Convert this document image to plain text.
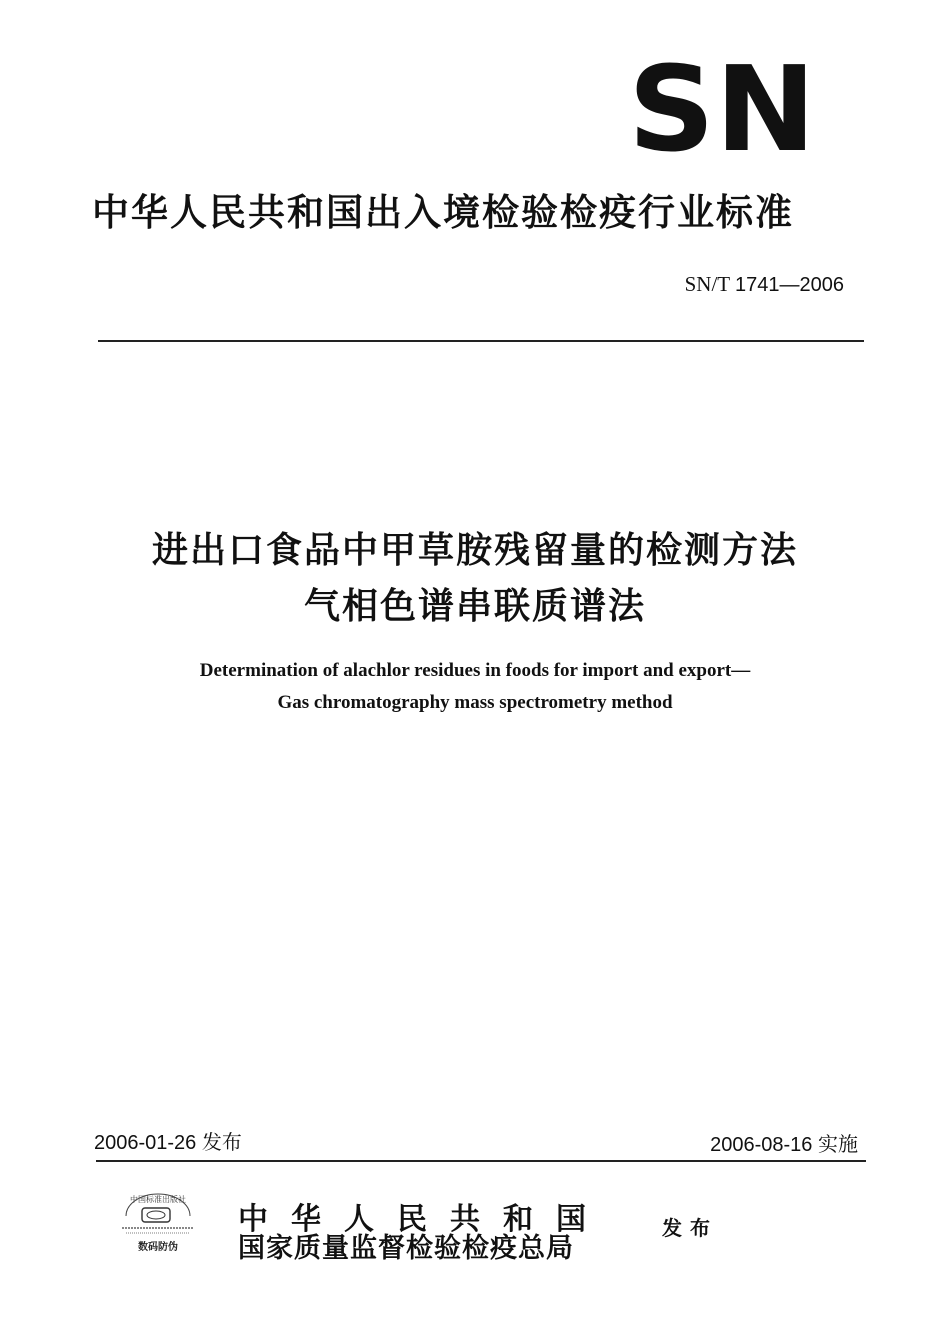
SN
中华人民共和国出入境检验检疫行业标准
SN/T 1741—2006
进出口食品中甲草胺残留量的检测方法
气相色谱串联质谱法
Determination of alachlor residues in foods for import and export—
Gas chromatography mass spectrometry method
2006-01-26 发布	2006-08-16 实施
中国标准出版社
数码防伪
中华人民共和国
国家质量监督检验检疫总局
发布
